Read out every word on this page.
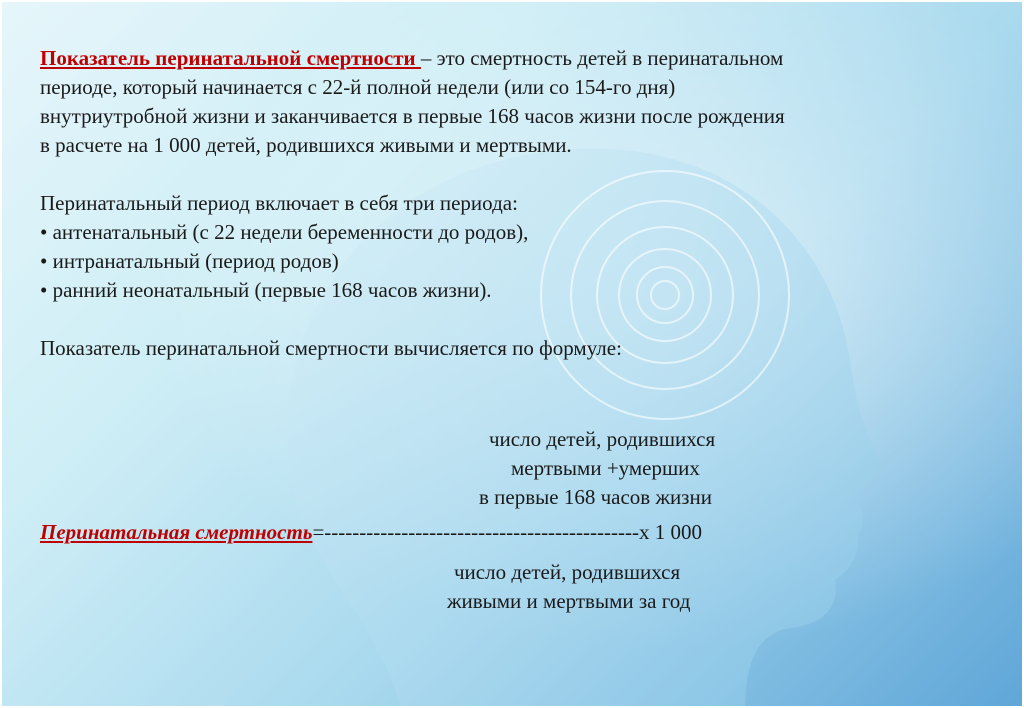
Показатель перинатальной смертности – это смертность детей в перинатальном

периоде, который начинается с 22-й полной недели (или со 154-го дня)

внутриутробной жизни и заканчивается в первые 168 часов жизни после рождения

в расчете на 1 000 детей, родившихся живыми и мертвыми.

Перинатальный период включает в себя три периода:

• антенатальный (с 22 недели беременности до родов),

• интранатальный (период родов)

• ранний неонатальный (первые 168 часов жизни).

Показатель перинатальной смертности вычисляется по формуле:

число детей, родившихся
мертвыми +умерших
в первые 168 часов жизни
Перинатальная смертность=---------------------------------------------x 1 000
число детей, родившихся
живыми и мертвыми за год
